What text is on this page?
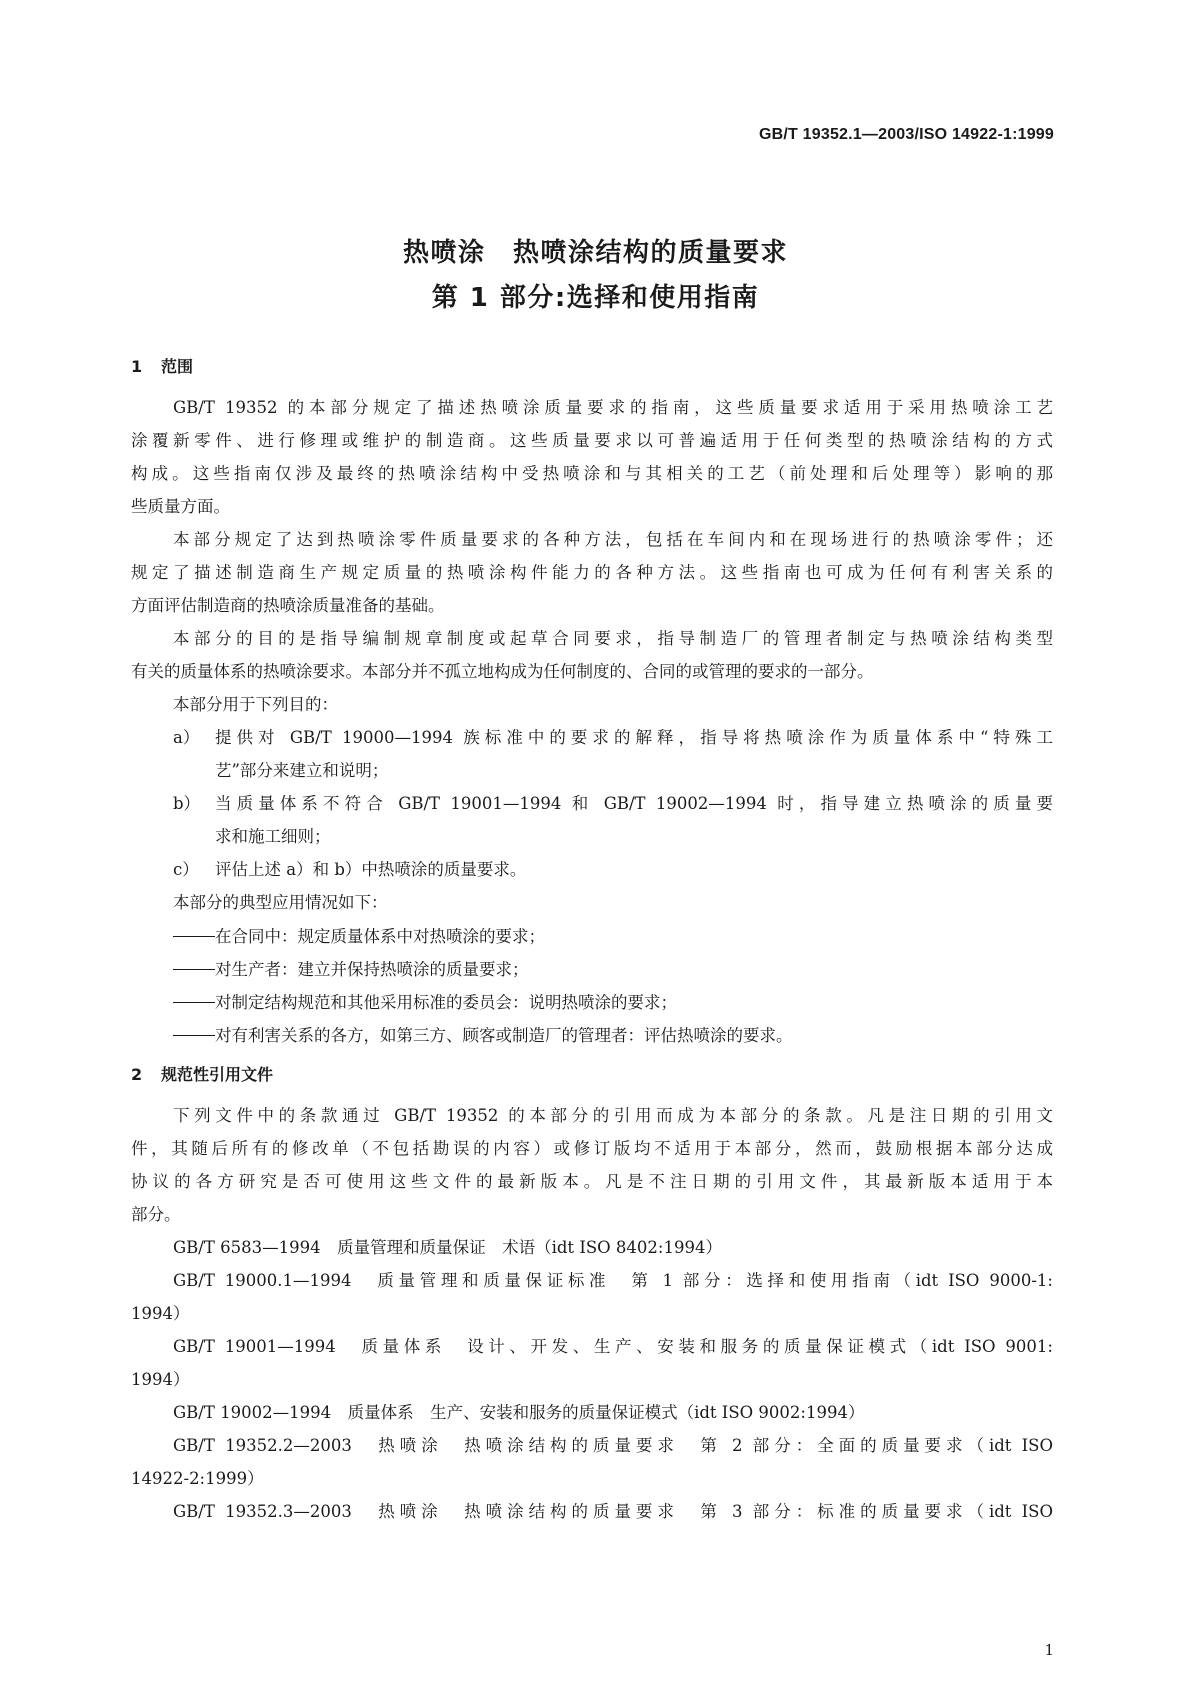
GB/T 19352.1—2003/ISO 14922-1:1999
热喷涂　热喷涂结构的质量要求
第 1 部分:选择和使用指南
1 范围
GB/T 19352 的本部分规定了描述热喷涂质量要求的指南，这些质量要求适用于采用热喷涂工艺
涂覆新零件、进行修理或维护的制造商。这些质量要求以可普遍适用于任何类型的热喷涂结构的方式
构成。这些指南仅涉及最终的热喷涂结构中受热喷涂和与其相关的工艺（前处理和后处理等）影响的那
些质量方面。
本部分规定了达到热喷涂零件质量要求的各种方法，包括在车间内和在现场进行的热喷涂零件；还
规定了描述制造商生产规定质量的热喷涂构件能力的各种方法。这些指南也可成为任何有利害关系的
方面评估制造商的热喷涂质量准备的基础。
本部分的目的是指导编制规章制度或起草合同要求，指导制造厂的管理者制定与热喷涂结构类型
有关的质量体系的热喷涂要求。本部分并不孤立地构成为任何制度的、合同的或管理的要求的一部分。
本部分用于下列目的：
a） 提供对 GB/T 19000—1994 族标准中的要求的解释，指导将热喷涂作为质量体系中“特殊工
艺”部分来建立和说明；
b） 当质量体系不符合 GB/T 19001—1994 和 GB/T 19002—1994 时，指导建立热喷涂的质量要
求和施工细则；
c） 评估上述 a）和 b）中热喷涂的质量要求。
本部分的典型应用情况如下：
在合同中：规定质量体系中对热喷涂的要求；
对生产者：建立并保持热喷涂的质量要求；
对制定结构规范和其他采用标准的委员会：说明热喷涂的要求；
对有利害关系的各方，如第三方、顾客或制造厂的管理者：评估热喷涂的要求。
2 规范性引用文件
下列文件中的条款通过 GB/T 19352 的本部分的引用而成为本部分的条款。凡是注日期的引用文
件，其随后所有的修改单（不包括勘误的内容）或修订版均不适用于本部分，然而，鼓励根据本部分达成
协议的各方研究是否可使用这些文件的最新版本。凡是不注日期的引用文件，其最新版本适用于本
部分。
GB/T 6583—1994　质量管理和质量保证　术语（idt ISO 8402:1994）
GB/T 19000.1—1994　质量管理和质量保证标准　第 1 部分：选择和使用指南（idt ISO 9000-1:
1994）
GB/T 19001—1994　质量体系　设计、开发、生产、安装和服务的质量保证模式（idt ISO 9001:
1994）
GB/T 19002—1994　质量体系　生产、安装和服务的质量保证模式（idt ISO 9002:1994）
GB/T 19352.2—2003　热喷涂　热喷涂结构的质量要求　第 2 部分：全面的质量要求（idt ISO
14922-2:1999）
GB/T 19352.3—2003　热喷涂　热喷涂结构的质量要求　第 3 部分：标准的质量要求（idt ISO
1
